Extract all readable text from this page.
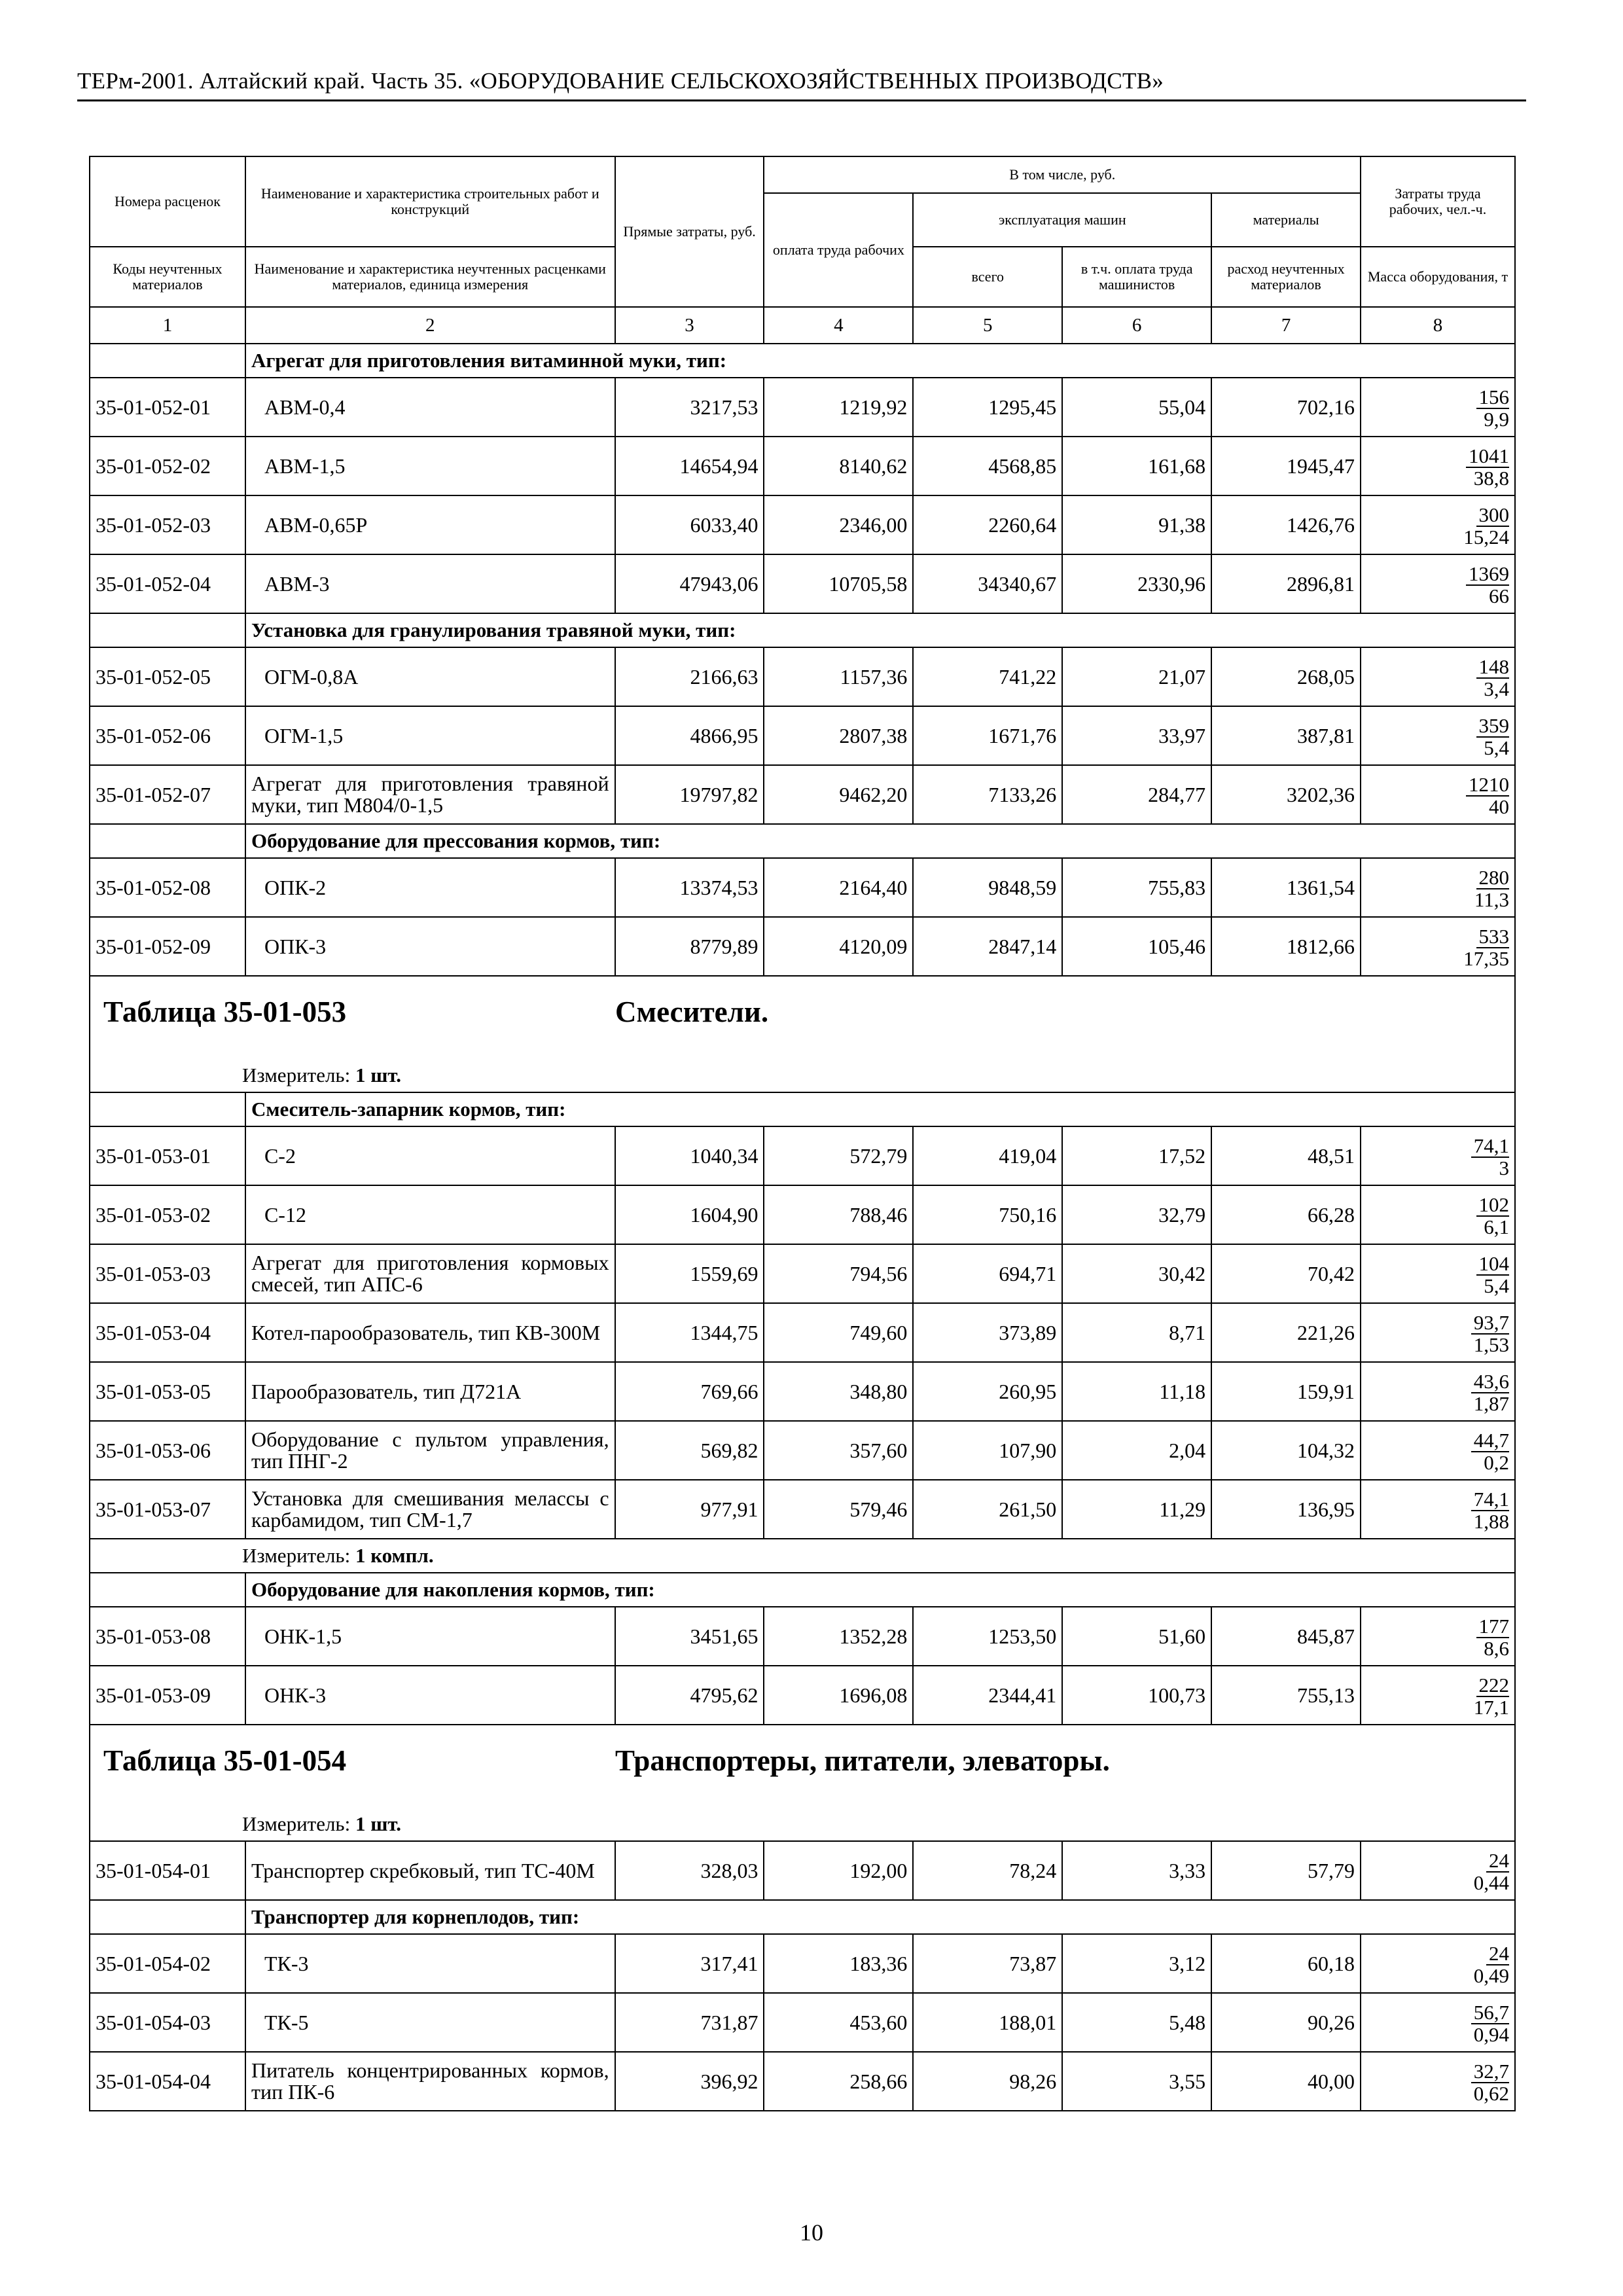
ТЕРм-2001. Алтайский край. Часть 35. «ОБОРУДОВАНИЕ СЕЛЬСКОХОЗЯЙСТВЕННЫХ ПРОИЗВОДСТВ»
Номера расценок	Наименование и характеристика строительных работ и конструкций	Прямые затраты, руб.	В том числе, руб.				Затраты труда рабочих, чел.-ч.
			оплата труда рабочих	эксплуатация машин		материалы	
Коды неучтенных материалов	Наименование и характеристика неучтенных расценками материалов, единица измерения			всего	в т.ч. оплата труда машинистов	расход неучтенных материалов	Масса оборудования, т
1	2	3	4	5	6	7	8
	Агрегат для приготовления витаминной муки, тип:						
35-01-052-01	АВМ-0,4	3217,53	1219,92	1295,45	55,04	702,16	$\frac{156}{9,9}$

35-01-052-02	АВМ-1,5	14654,94	8140,62	4568,85	161,68	1945,47	$\frac{1041}{38,8}$

35-01-052-03	АВМ-0,65Р	6033,40	2346,00	2260,64	91,38	1426,76	$\frac{300}{15,24}$

35-01-052-04	АВМ-3	47943,06	10705,58	34340,67	2330,96	2896,81	$\frac{1369}{66}$

	Установка для гранулирования травяной муки, тип:						
35-01-052-05	ОГМ-0,8А	2166,63	1157,36	741,22	21,07	268,05	$\frac{148}{3,4}$

35-01-052-06	ОГМ-1,5	4866,95	2807,38	1671,76	33,97	387,81	$\frac{359}{5,4}$

35-01-052-07	Агрегат для приготовления травяной муки, тип М804/0-1,5	19797,82	9462,20	7133,26	284,77	3202,36	$\frac{1210}{40}$

	Оборудование для прессования кормов, тип:						
35-01-052-08	ОПК-2	13374,53	2164,40	9848,59	755,83	1361,54	$\frac{280}{11,3}$

35-01-052-09	ОПК-3	8779,89	4120,09	2847,14	105,46	1812,66	$\frac{533}{17,35}$

Таблица 35-01-053 Смесители.							

Измеритель: 1 шт.							
	Смеситель-запарник кормов, тип:						
35-01-053-01	С-2	1040,34	572,79	419,04	17,52	48,51	$\frac{74,1}{3}$

35-01-053-02	С-12	1604,90	788,46	750,16	32,79	66,28	$\frac{102}{6,1}$

35-01-053-03	Агрегат для приготовления кормовых смесей, тип АПС-6	1559,69	794,56	694,71	30,42	70,42	$\frac{104}{5,4}$

35-01-053-04	Котел-парообразователь, тип КВ-300М	1344,75	749,60	373,89	8,71	221,26	$\frac{93,7}{1,53}$

35-01-053-05	Парообразователь, тип Д721А	769,66	348,80	260,95	11,18	159,91	$\frac{43,6}{1,87}$

35-01-053-06	Оборудование с пультом управления, тип ПНГ-2	569,82	357,60	107,90	2,04	104,32	$\frac{44,7}{0,2}$

35-01-053-07	Установка для смешивания мелассы с карбамидом, тип СМ-1,7	977,91	579,46	261,50	11,29	136,95	$\frac{74,1}{1,88}$

Измеритель: 1 компл.							
	Оборудование для накопления кормов, тип:						
35-01-053-08	ОНК-1,5	3451,65	1352,28	1253,50	51,60	845,87	$\frac{177}{8,6}$

35-01-053-09	ОНК-3	4795,62	1696,08	2344,41	100,73	755,13	$\frac{222}{17,1}$

Таблица 35-01-054 Транспортеры, питатели, элеваторы.							

Измеритель: 1 шт.							
35-01-054-01	Транспортер скребковый, тип ТС-40М	328,03	192,00	78,24	3,33	57,79	$\frac{24}{0,44}$

	Транспортер для корнеплодов, тип:						
35-01-054-02	ТК-3	317,41	183,36	73,87	3,12	60,18	$\frac{24}{0,49}$

35-01-054-03	ТК-5	731,87	453,60	188,01	5,48	90,26	$\frac{56,7}{0,94}$

35-01-054-04	Питатель концентрированных кормов, тип ПК-6	396,92	258,66	98,26	3,55	40,00	$\frac{32,7}{0,62}$
10
